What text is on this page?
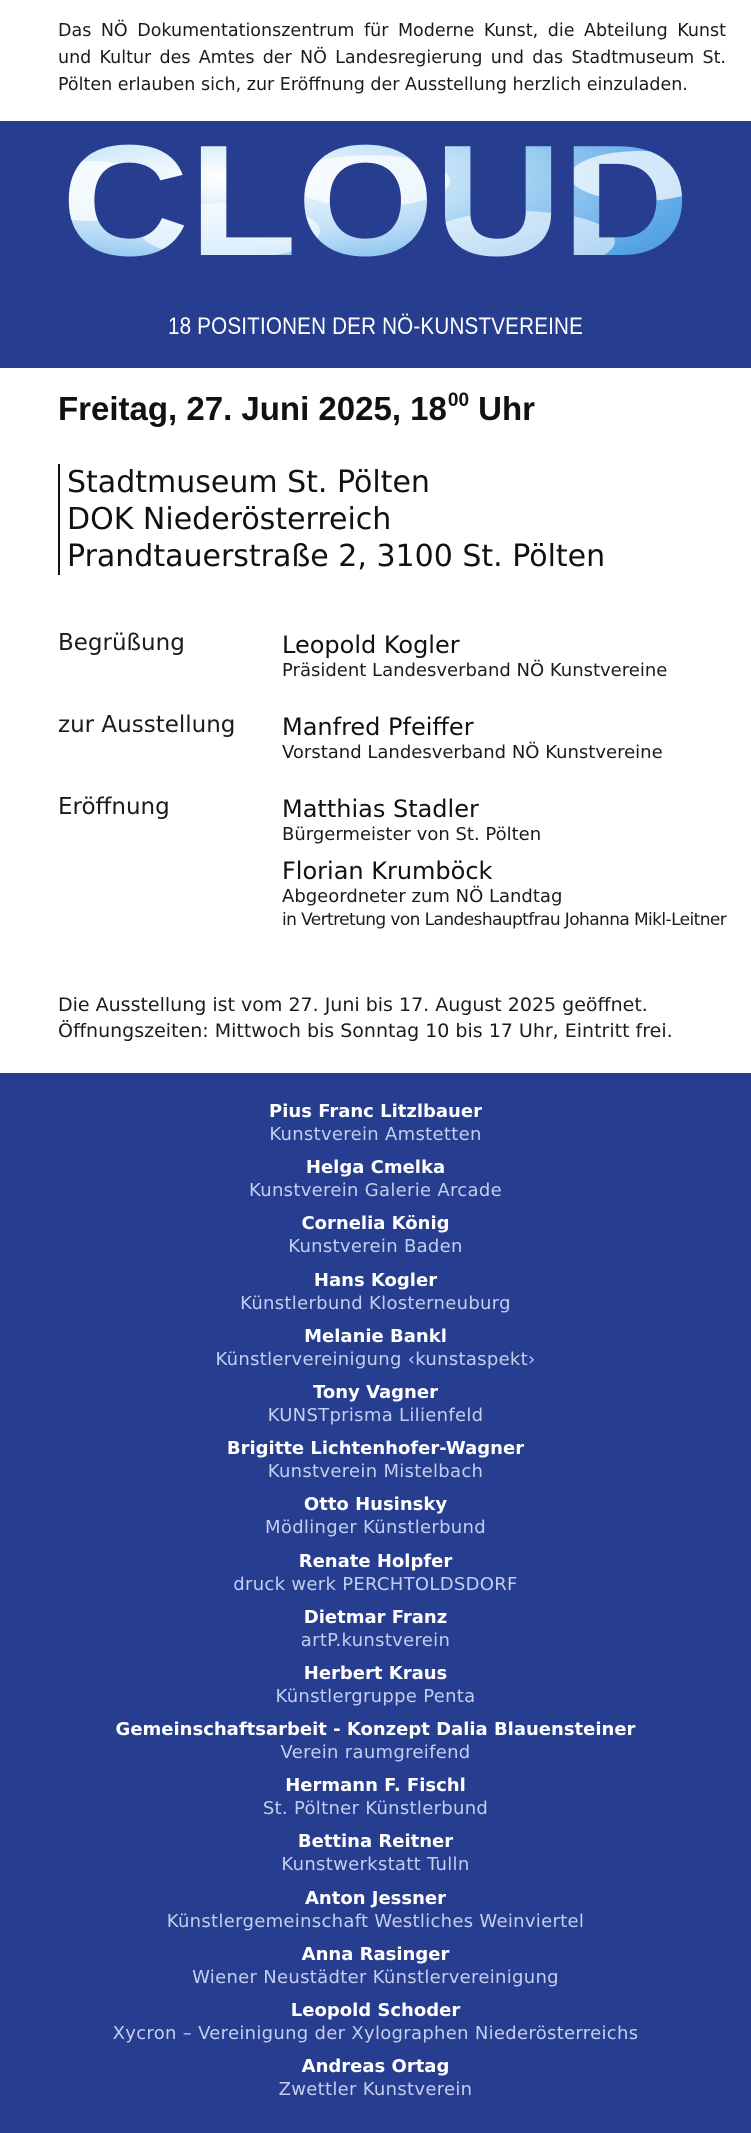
Das NÖ Dokumentationszentrum für Moderne Kunst, die Abteilung Kunst und Kultur des Amtes der NÖ Landesregierung und das Stadtmuseum St. Pölten erlauben sich, zur Eröffnung der Ausstellung herzlich einzuladen.

CLOUD
18 POSITIONEN DER NÖ-KUNSTVEREINE
Freitag, 27. Juni 2025, $18^{00}$ Uhr
Stadtmuseum St. Pölten
DOK Niederösterreich
Prandtauerstraße 2, 3100 St. Pölten
Begrüßung	Leopold Kogler
Präsident Landesverband NÖ Kunstvereine
zur Ausstellung Manfred Pfeiffer
Vorstand Landesverband NÖ Kunstvereine
Eröffnung	Matthias Stadler
Bürgermeister von St. Pölten
Florian Krumböck
Abgeordneter zum NÖ Landtag
in Vertretung von Landeshauptfrau Johanna Mikl-Leitner
Die Ausstellung ist vom 27. Juni bis 17. August 2025 geöffnet.
Öffnungszeiten: Mittwoch bis Sonntag 10 bis 17 Uhr, Eintritt frei.
Pius Franc Litzlbauer
Kunstverein Amstetten
Helga Cmelka
Kunstverein Galerie Arcade
Cornelia König
Kunstverein Baden
Hans Kogler
Künstlerbund Klosterneuburg
Melanie Bankl
Künstlervereinigung ‹kunstaspekt›
Tony Vagner
KUNSTprisma Lilienfeld
Brigitte Lichtenhofer-Wagner
Kunstverein Mistelbach
Otto Husinsky
Mödlinger Künstlerbund
Renate Holpfer
druck werk PERCHTOLDSDORF
Dietmar Franz
artP.kunstverein
Herbert Kraus
Künstlergruppe Penta
Gemeinschaftsarbeit - Konzept Dalia Blauensteiner
Verein raumgreifend
Hermann F. Fischl
St. Pöltner Künstlerbund
Bettina Reitner
Kunstwerkstatt Tulln
Anton Jessner
Künstlergemeinschaft Westliches Weinviertel
Anna Rasinger
Wiener Neustädter Künstlervereinigung
Leopold Schoder
Xycron – Vereinigung der Xylographen Niederösterreichs
Andreas Ortag
Zwettler Kunstverein
